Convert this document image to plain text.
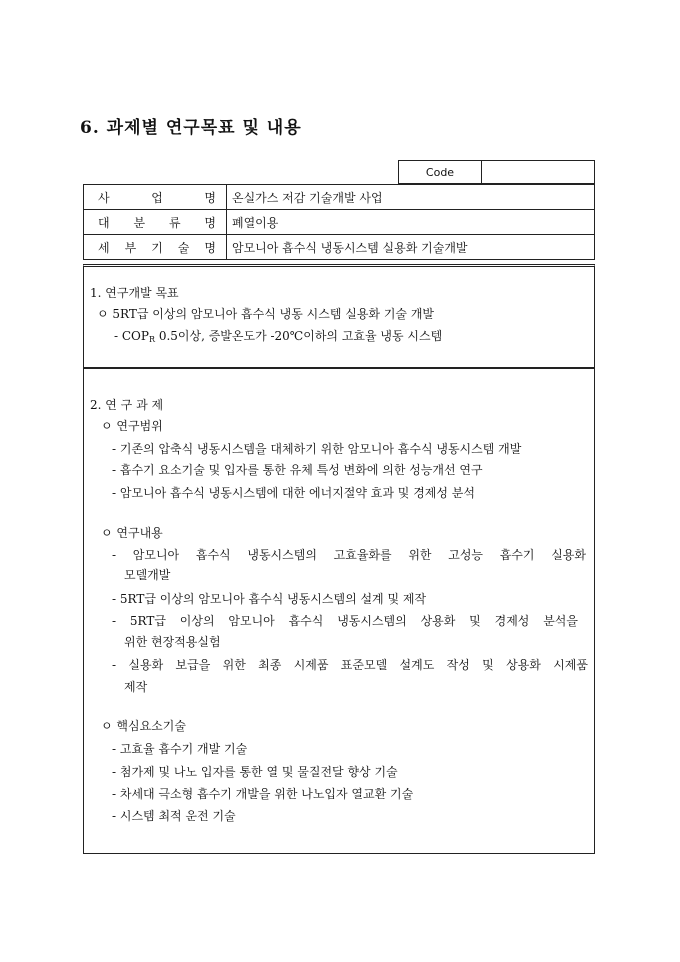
6. 과제별 연구목표 및 내용
Code
사 업 명	온실가스 저감 기술개발 사업

대 분 류 명	폐열이용

세 부 기 술 명	암모니아 흡수식 냉동시스템 실용화 기술개발
1. 연구개발 목표
ㅇ 5RT급 이상의 암모니아 흡수식 냉동 시스템 실용화 기술 개발
- $COP_R$ 0.5이상, 증발온도가 -20℃이하의 고효율 냉동 시스템
2. 연 구 과 제
ㅇ 연구범위
- 기존의 압축식 냉동시스템을 대체하기 위한 암모니아 흡수식 냉동시스템 개발
- 흡수기 요소기술 및 입자를 통한 유체 특성 변화에 의한 성능개선 연구
- 암모니아 흡수식 냉동시스템에 대한 에너지절약 효과 및 경제성 분석
ㅇ 연구내용
- 암모니아 흡수식 냉동시스템의 고효율화를 위한 고성능 흡수기 실용화
모델개발
- 5RT급 이상의 암모니아 흡수식 냉동시스템의 설계 및 제작
- 5RT급 이상의 암모니아 흡수식 냉동시스템의 상용화 및 경제성 분석을
위한 현장적용실험
- 실용화 보급을 위한 최종 시제품 표준모델 설계도 작성 및 상용화 시제품
제작
ㅇ 핵심요소기술
- 고효율 흡수기 개발 기술
- 첨가제 및 나노 입자를 통한 열 및 물질전달 향상 기술
- 차세대 극소형 흡수기 개발을 위한 나노입자 열교환 기술
- 시스템 최적 운전 기술
